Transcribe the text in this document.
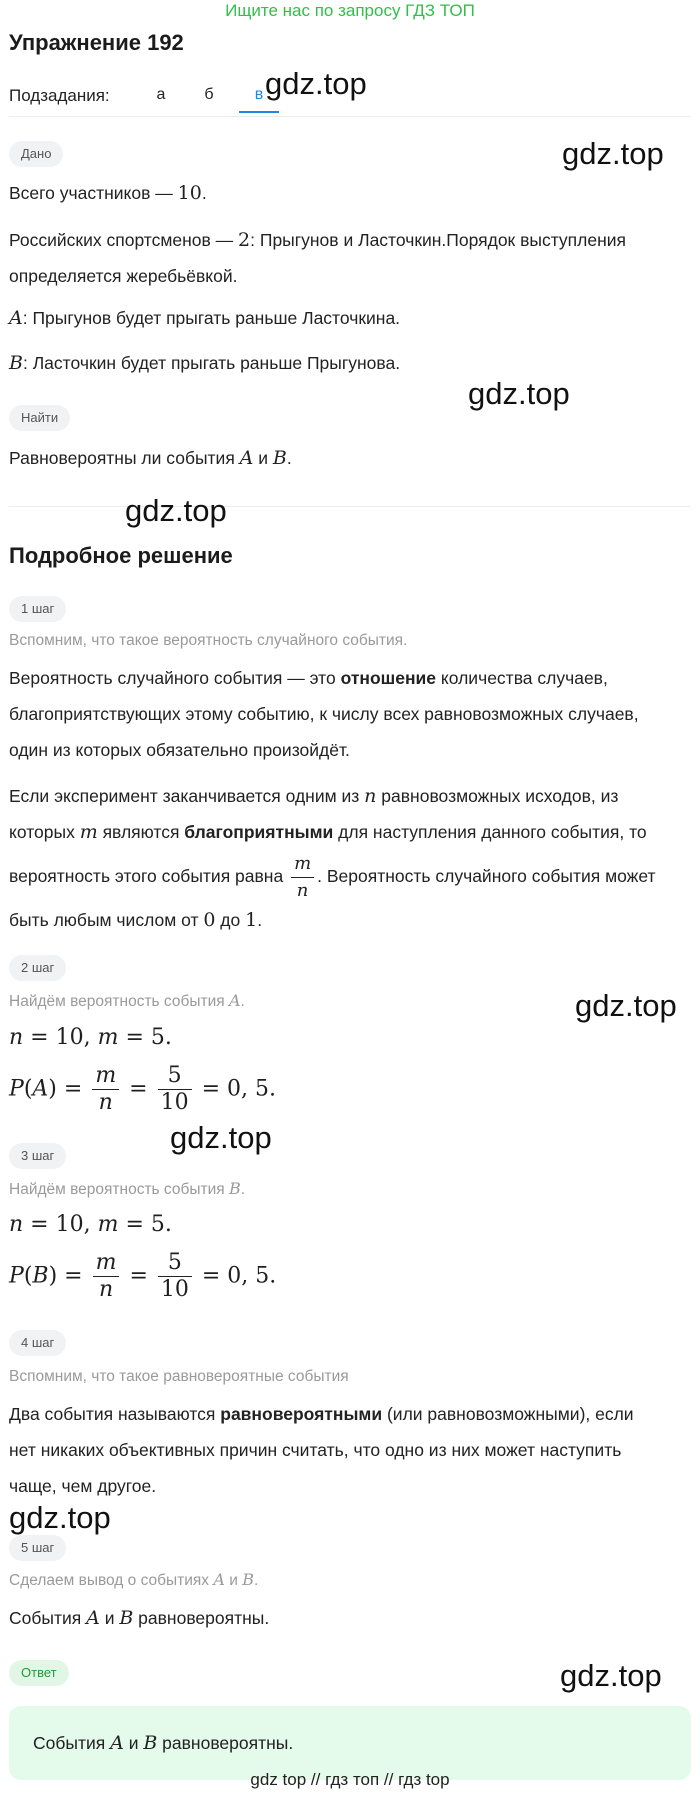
Ищите нас по запросу ГДЗ ТОП
Упражнение 192
Подзадания:	а	б	в
Дано
Всего участников — 10.
Российских спортсменов — 2: Прыгунов и Ласточкин.Порядок выступления
определяется жеребьёвкой.
A: Прыгунов будет прыгать раньше Ласточкина.
B: Ласточкин будет прыгать раньше Прыгунова.
Найти
Равновероятны ли события A и B.
Подробное решение
1 шаг
Вспомним, что такое вероятность случайного события.
Вероятность случайного события — это отношение количества случаев,
благоприятствующих этому событию, к числу всех равновозможных случаев,
один из которых обязательно произойдёт.
Если эксперимент заканчивается одним из n равновозможных исходов, из
которых m являются благоприятными для наступления данного события, то
вероятность этого события равна $\frac{m}{n}$ . Вероятность случайного события может
быть любым числом от 0 до 1.
2 шаг
Найдём вероятность события A.
n = 10, m = 5.
$P(A) = \frac{m}{n} = \frac{5}{10} = 0$, 5.
3 шаг
Найдём вероятность события B.
n = 10, m = 5.
$P(B) = \frac{m}{n} = \frac{5}{10} = 0$, 5.
4 шаг
Вспомним, что такое равновероятные события
Два события называются равновероятными (или равновозможными), если
нет никаких объективных причин считать, что одно из них может наступить
чаще, чем другое.
5 шаг
Сделаем вывод о событиях A и B.
События A и B равновероятны.
Ответ
События A и B равновероятны.
gdz.top
gdz.top
gdz.top
gdz.top
gdz.top
gdz.top
gdz.top
gdz.top
gdz top // гдз топ // гдз top
